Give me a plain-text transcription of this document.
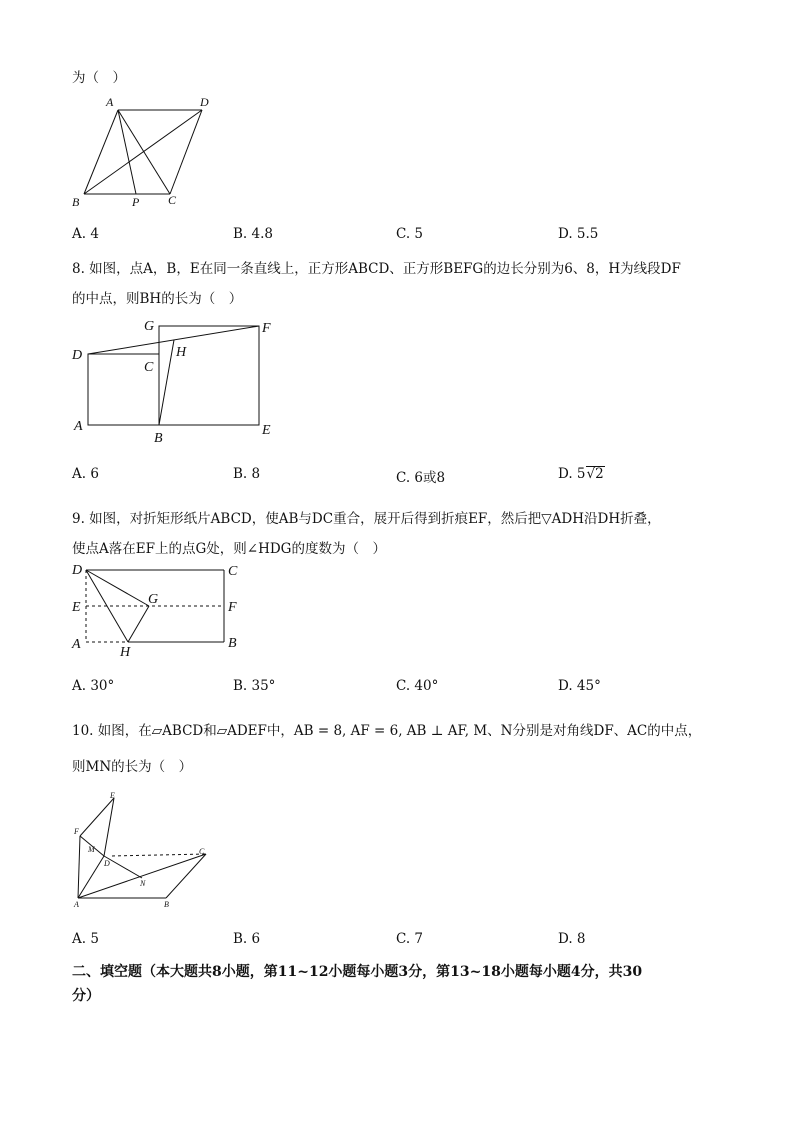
为（　）
A	D
B	P C
A. 4	B. 4.8	C. 5	D. 5.5
8. 如图，点A，B，E在同一条直线上，正方形ABCD、正方形BEFG的边长分别为6、8，H为线段DF
的中点，则BH的长为（　）
G	F
D	H
C
A
B
E
A. 6	B. 8	C. 6或8	D. 5√2
9. 如图，对折矩形纸片ABCD，使AB与DC重合，展开后得到折痕EF，然后把▽ADH沿DH折叠，
使点A落在EF上的点G处，则∠HDG的度数为（　）
D	C
E
G
F
A
H
B
A. 30°	B. 35°	C. 40°	D. 45°
10. 如图，在▱ABCD和▱ADEF中，AB = 8, AF = 6, AB ⊥ AF, M、N分别是对角线DF、AC的中点，
则MN的长为（　）
E
F
M
D
C
N
A	B
A. 5	B. 6	C. 7	D. 8
二、填空题（本大题共8小题，第11~12小题每小题3分，第13~18小题每小题4分，共30
分）
